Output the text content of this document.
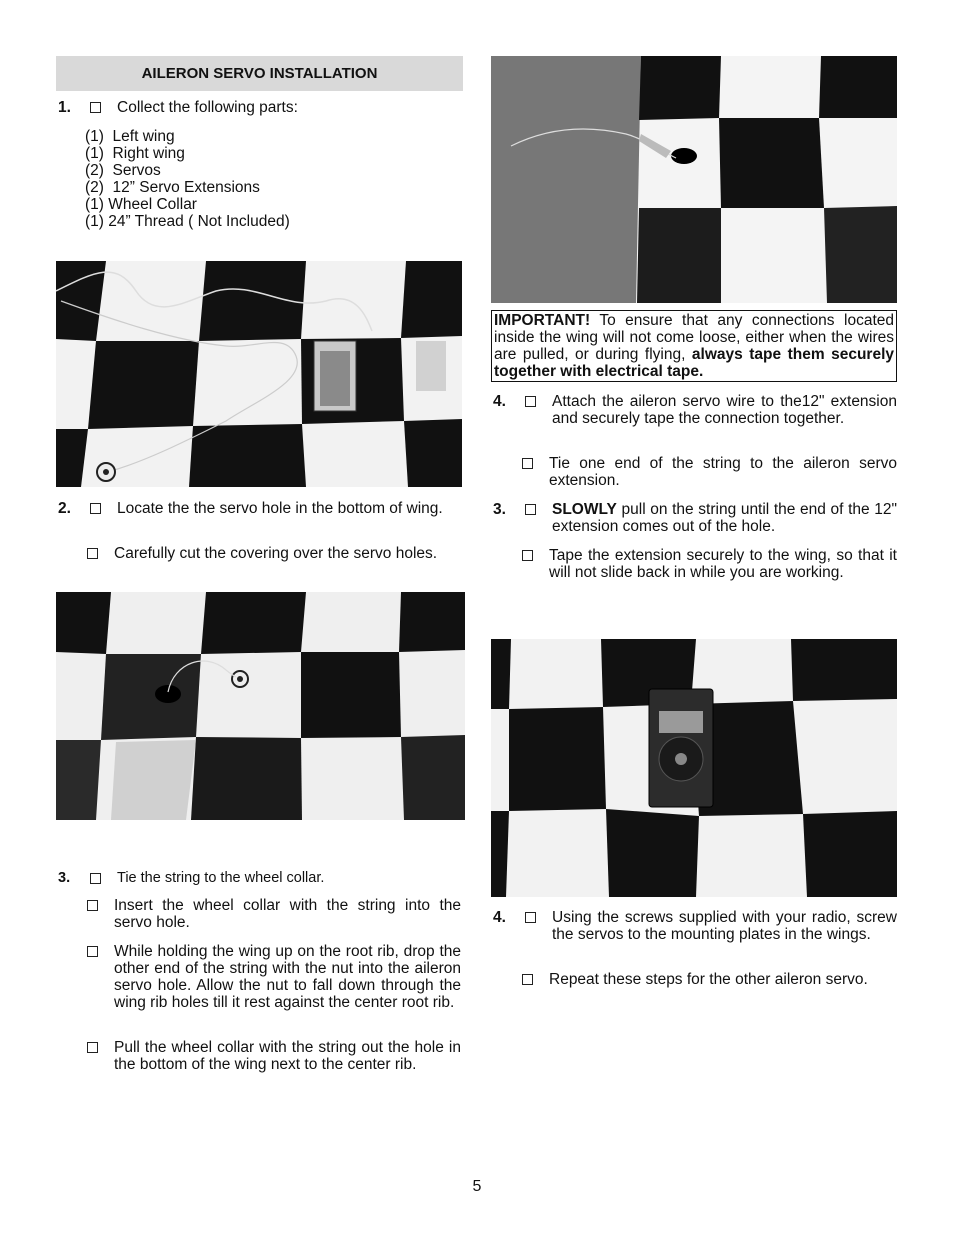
AILERON SERVO INSTALLATION
1.	Collect the following parts:
(1)  Left wing
(1)  Right wing
(2)  Servos
(2)  12” Servo Extensions
(1) Wheel Collar
(1) 24” Thread ( Not Included)
2.	Locate the the servo hole in the bottom of wing.
Carefully cut the covering over the servo holes.
3.	Tie the string to the wheel collar.
Insert the wheel collar with the string into the servo hole.
While holding the wing up on the root rib, drop the other end of the string with the nut into the aileron servo hole. Allow the nut to fall down through the wing rib holes till it rest against the center root rib.
Pull the wheel collar with the string out the hole in the bottom of the wing next to the center rib.
IMPORTANT! To ensure that any connections located inside the wing will not come loose, either when the wires are pulled, or during flying, always tape them securely together with electrical tape.
4.	Attach the aileron servo wire to the12" extension and securely tape the connection together.
Tie one end of the string to the aileron servo extension.
3.	SLOWLY pull on the string until the end of the 12" extension comes out of the hole.
Tape the extension securely to the wing, so that it will not slide back in while you are working.
4.	Using the screws supplied with your radio, screw the servos to the mounting plates in the wings.
Repeat these steps for the other aileron servo.
5
